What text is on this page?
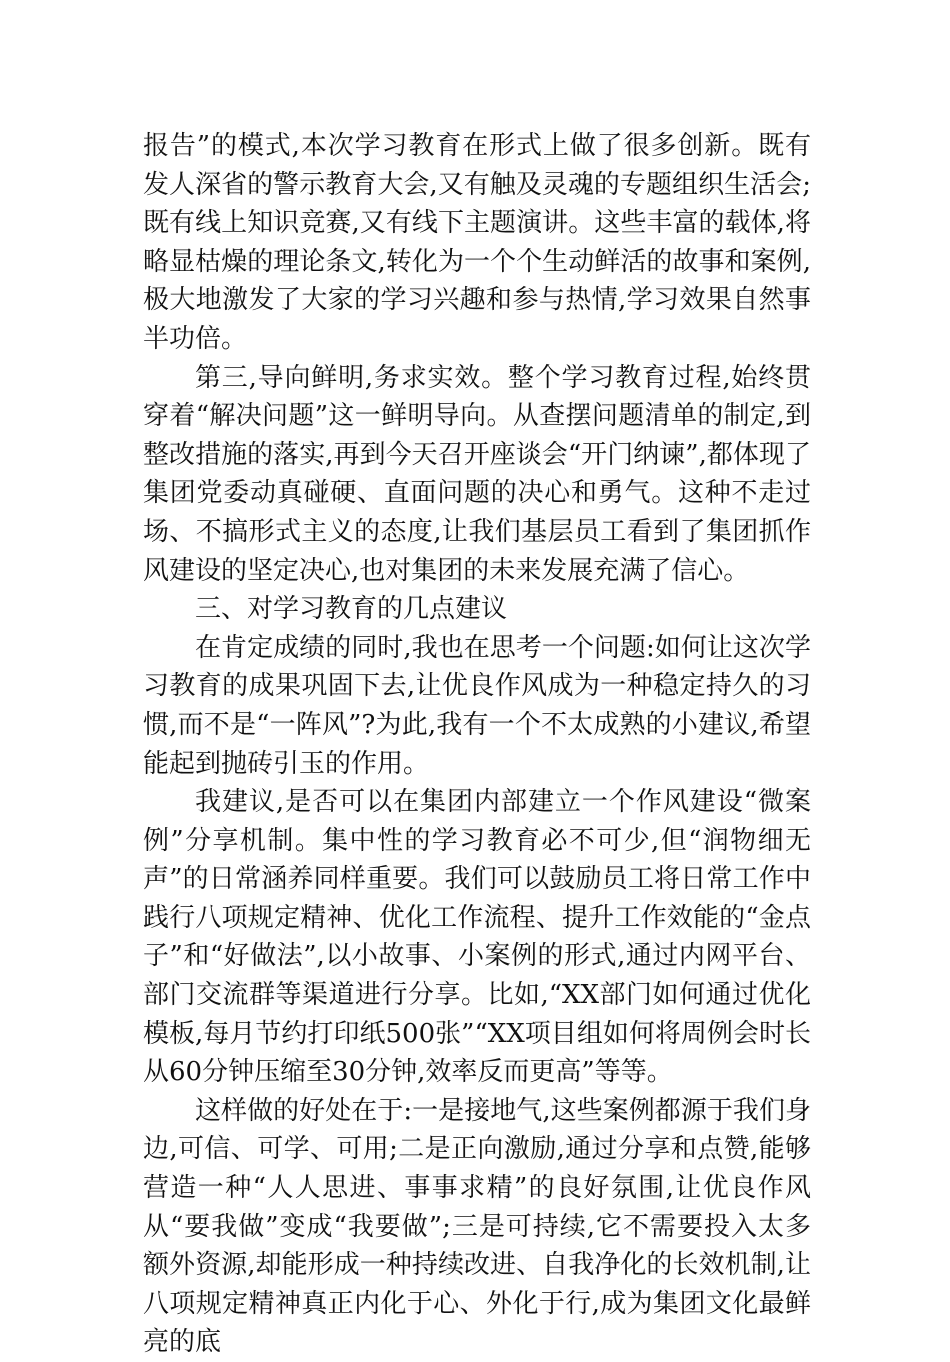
报告”的模式,本次学习教育在形式上做了很多创新。既有发人深省的警示教育大会,又有触及灵魂的专题组织生活会;既有线上知识竞赛,又有线下主题演讲。这些丰富的载体,将略显枯燥的理论条文,转化为一个个生动鲜活的故事和案例,极大地激发了大家的学习兴趣和参与热情,学习效果自然事半功倍。

第三,导向鲜明,务求实效。整个学习教育过程,始终贯穿着“解决问题”这一鲜明导向。从查摆问题清单的制定,到整改措施的落实,再到今天召开座谈会“开门纳谏”,都体现了集团党委动真碰硬、直面问题的决心和勇气。这种不走过场、不搞形式主义的态度,让我们基层员工看到了集团抓作风建设的坚定决心,也对集团的未来发展充满了信心。

三、对学习教育的几点建议

在肯定成绩的同时,我也在思考一个问题:如何让这次学习教育的成果巩固下去,让优良作风成为一种稳定持久的习惯,而不是“一阵风”?为此,我有一个不太成熟的小建议,希望能起到抛砖引玉的作用。

我建议,是否可以在集团内部建立一个作风建设“微案例”分享机制。集中性的学习教育必不可少,但“润物细无声”的日常涵养同样重要。我们可以鼓励员工将日常工作中践行八项规定精神、优化工作流程、提升工作效能的“金点子”和“好做法”,以小故事、小案例的形式,通过内网平台、部门交流群等渠道进行分享。比如,“XX部门如何通过优化模板,每月节约打印纸500张”“XX项目组如何将周例会时长从60分钟压缩至30分钟,效率反而更高”等等。

这样做的好处在于:一是接地气,这些案例都源于我们身边,可信、可学、可用;二是正向激励,通过分享和点赞,能够营造一种“人人思进、事事求精”的良好氛围,让优良作风从“要我做”变成“我要做”;三是可持续,它不需要投入太多额外资源,却能形成一种持续改进、自我净化的长效机制,让八项规定精神真正内化于心、外化于行,成为集团文化最鲜亮的底
